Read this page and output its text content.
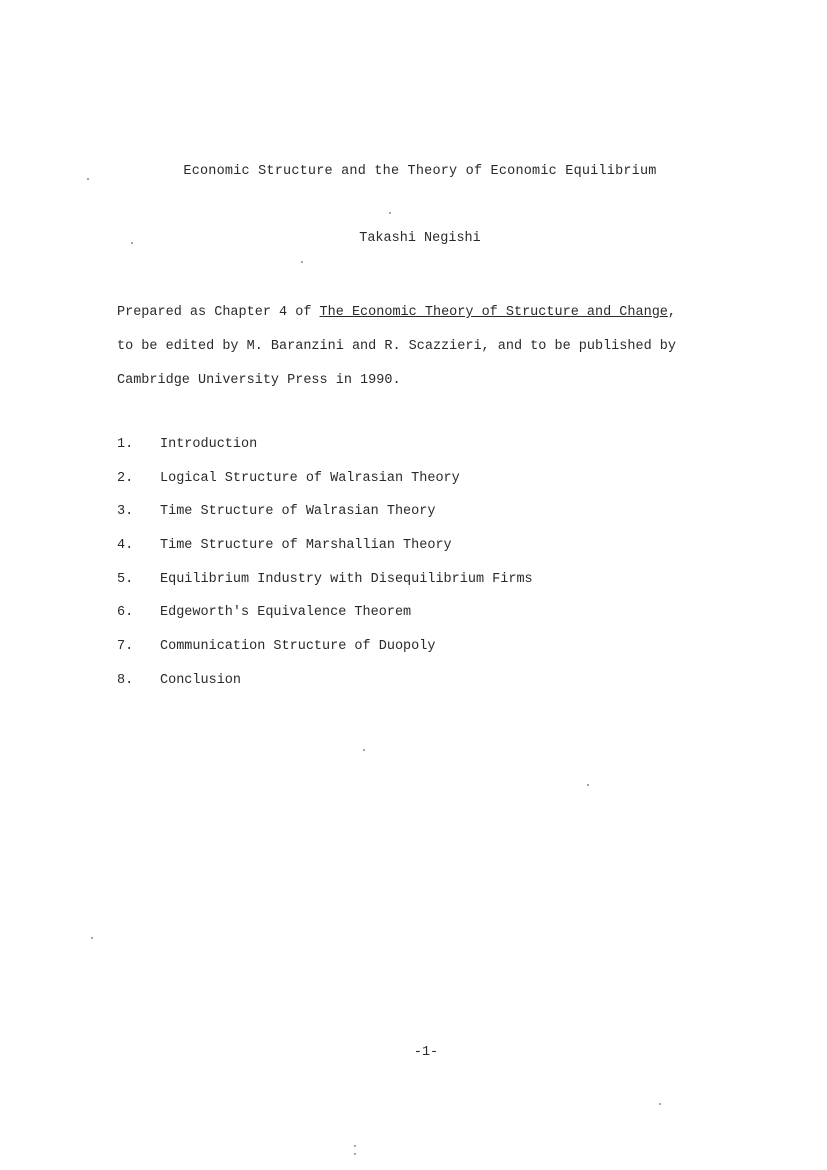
Economic Structure and the Theory of Economic Equilibrium
Takashi Negishi
Prepared as Chapter 4 of The Economic Theory of Structure and Change,
to be edited by M. Baranzini and R. Scazzieri, and to be published by
Cambridge University Press in 1990.
1. Introduction
2. Logical Structure of Walrasian Theory
3. Time Structure of Walrasian Theory
4. Time Structure of Marshallian Theory
5. Equilibrium Industry with Disequilibrium Firms
6. Edgeworth's Equivalence Theorem
7. Communication Structure of Duopoly
8. Conclusion
-1-
